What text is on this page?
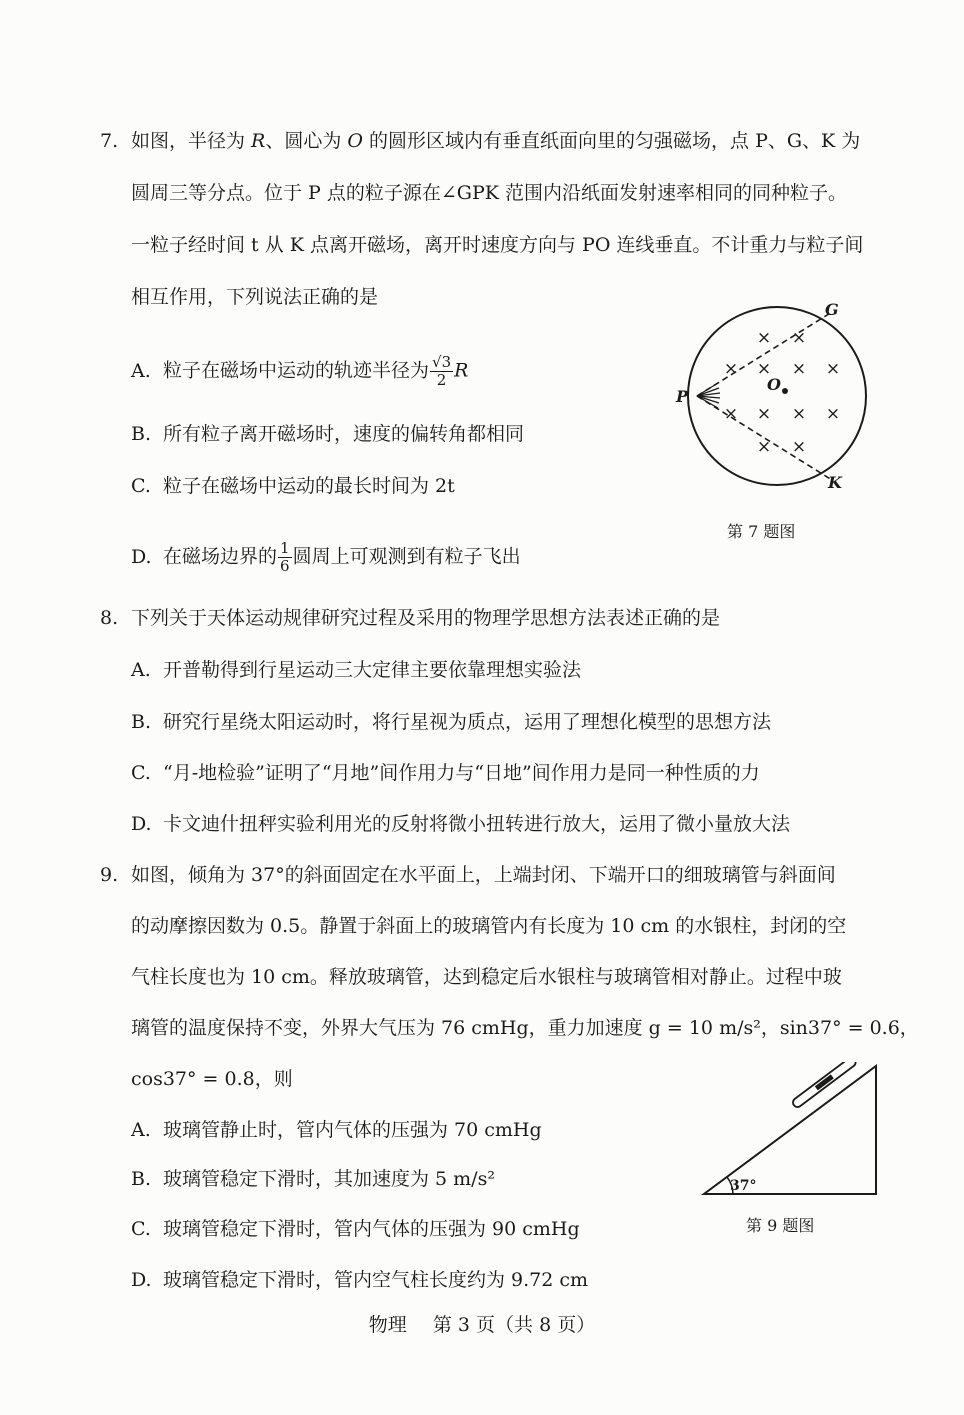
7. 如图，半径为 R、圆心为 O 的圆形区域内有垂直纸面向里的匀强磁场，点 P、G、K 为
圆周三等分点。位于 P 点的粒子源在∠GPK 范围内沿纸面发射速率相同的同种粒子。
一粒子经时间 t 从 K 点离开磁场，离开时速度方向与 PO 连线垂直。不计重力与粒子间
相互作用，下列说法正确的是
A. 粒子在磁场中运动的轨迹半径为 $\frac{√3}{2}$ R
B. 所有粒子离开磁场时，速度的偏转角都相同
C. 粒子在磁场中运动的最长时间为 2t
D. 在磁场边界的 $\frac{1}{6}$ 圆周上可观测到有粒子飞出
× ×
× × × ×
× × × ×
× ×
O
P
G
K
第 7 题图
8. 下列关于天体运动规律研究过程及采用的物理学思想方法表述正确的是
A. 开普勒得到行星运动三大定律主要依靠理想实验法
B. 研究行星绕太阳运动时，将行星视为质点，运用了理想化模型的思想方法
C. “月-地检验”证明了“月地”间作用力与“日地”间作用力是同一种性质的力
D. 卡文迪什扭秤实验利用光的反射将微小扭转进行放大，运用了微小量放大法
9. 如图，倾角为 37°的斜面固定在水平面上，上端封闭、下端开口的细玻璃管与斜面间
的动摩擦因数为 0.5。静置于斜面上的玻璃管内有长度为 10 cm 的水银柱，封闭的空
气柱长度也为 10 cm。释放玻璃管，达到稳定后水银柱与玻璃管相对静止。过程中玻
璃管的温度保持不变，外界大气压为 76 cmHg，重力加速度 g = 10 m/s²，sin37° = 0.6，
cos37° = 0.8，则
A. 玻璃管静止时，管内气体的压强为 70 cmHg
B. 玻璃管稳定下滑时，其加速度为 5 m/s²
C. 玻璃管稳定下滑时，管内气体的压强为 90 cmHg
D. 玻璃管稳定下滑时，管内空气柱长度约为 9.72 cm
37°
第 9 题图
物理 第 3 页（共 8 页）
